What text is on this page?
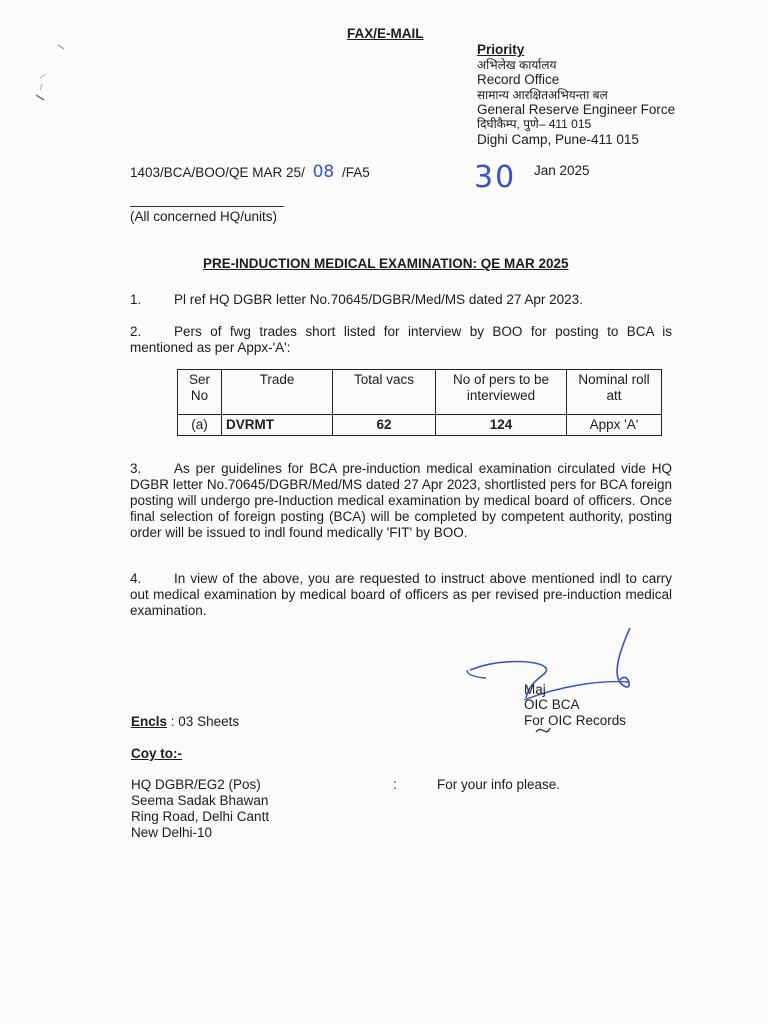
FAX/E-MAIL
Priority
अभिलेख कार्यालय
Record Office
सामान्य आरक्षितअभियन्ता बल
General Reserve Engineer Force
दिघीकैम्प, पुणे– 411 015
Dighi Camp, Pune-411 015
1403/BCA/BOO/QE MAR 25/ 08 /FA5	30 Jan 2025
(All concerned HQ/units)
PRE-INDUCTION MEDICAL EXAMINATION: QE MAR 2025
1. Pl ref HQ DGBR letter No.70645/DGBR/Med/MS dated 27 Apr 2023.
2. Pers of fwg trades short listed for interview by BOO for posting to BCA is mentioned as per Appx-'A':
Ser No	Trade	Total vacs	No of pers to be interviewed	Nominal roll att
(a)	DVRMT	62	124	Appx 'A'
3. As per guidelines for BCA pre-induction medical examination circulated vide HQ DGBR letter No.70645/DGBR/Med/MS dated 27 Apr 2023, shortlisted pers for BCA foreign posting will undergo pre-Induction medical examination by medical board of officers. Once final selection of foreign posting (BCA) will be completed by competent authority, posting order will be issued to indl found medically 'FIT' by BOO.
4. In view of the above, you are requested to instruct above mentioned indl to carry out medical examination by medical board of officers as per revised pre-induction medical examination.
Maj
OIC BCA
For OIC Records
Encls : 03 Sheets
Coy to:-
HQ DGBR/EG2 (Pos)
Seema Sadak Bhawan
Ring Road, Delhi Cantt
New Delhi-10
:	For your info please.
